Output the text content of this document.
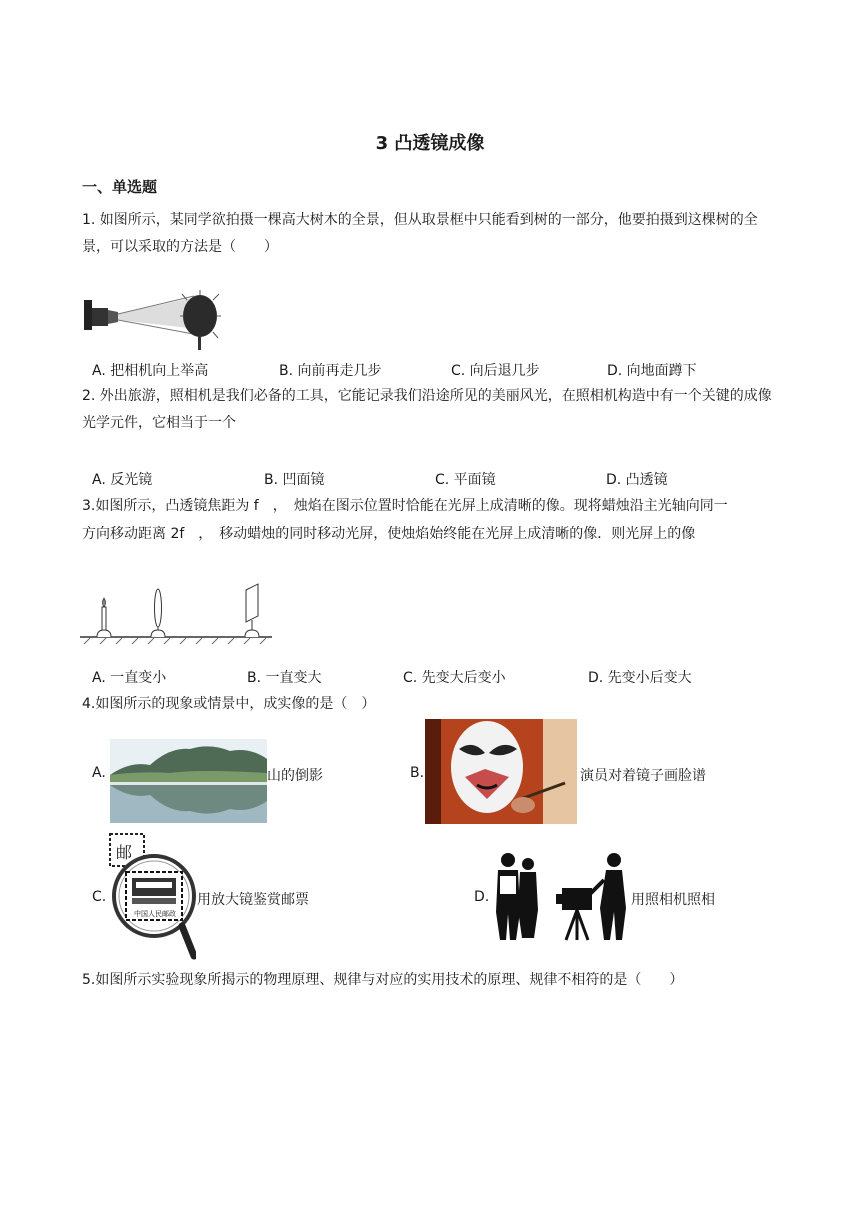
3 凸透镜成像
一、单选题
1. 如图所示，某同学欲拍摄一棵高大树木的全景，但从取景框中只能看到树的一部分，他要拍摄到这棵树的全景，可以采取的方法是（　　）
A. 把相机向上举高	B. 向前再走几步	C. 向后退几步	D. 向地面蹲下
2. 外出旅游，照相机是我们必备的工具，它能记录我们沿途所见的美丽风光，在照相机构造中有一个关键的成像光学元件，它相当于一个
A. 反光镜	B. 凹面镜	C. 平面镜	D. 凸透镜
3.如图所示，凸透镜焦距为 f　，　烛焰在图示位置时恰能在光屏上成清晰的像。现将蜡烛沿主光轴向同一
方向移动距离 2f　，　移动蜡烛的同时移动光屏，使烛焰始终能在光屏上成清晰的像．则光屏上的像
A. 一直变小	B. 一直变大	C. 先变大后变小	D. 先变小后变大
4.如图所示的现象或情景中，成实像的是（　）
A.	山的倒影	B.	演员对着镜子画脸谱
C.
邮
中国人民邮政
用放大镜鉴赏邮票	D.	用照相机照相
5.如图所示实验现象所揭示的物理原理、规律与对应的实用技术的原理、规律不相符的是（　　）
